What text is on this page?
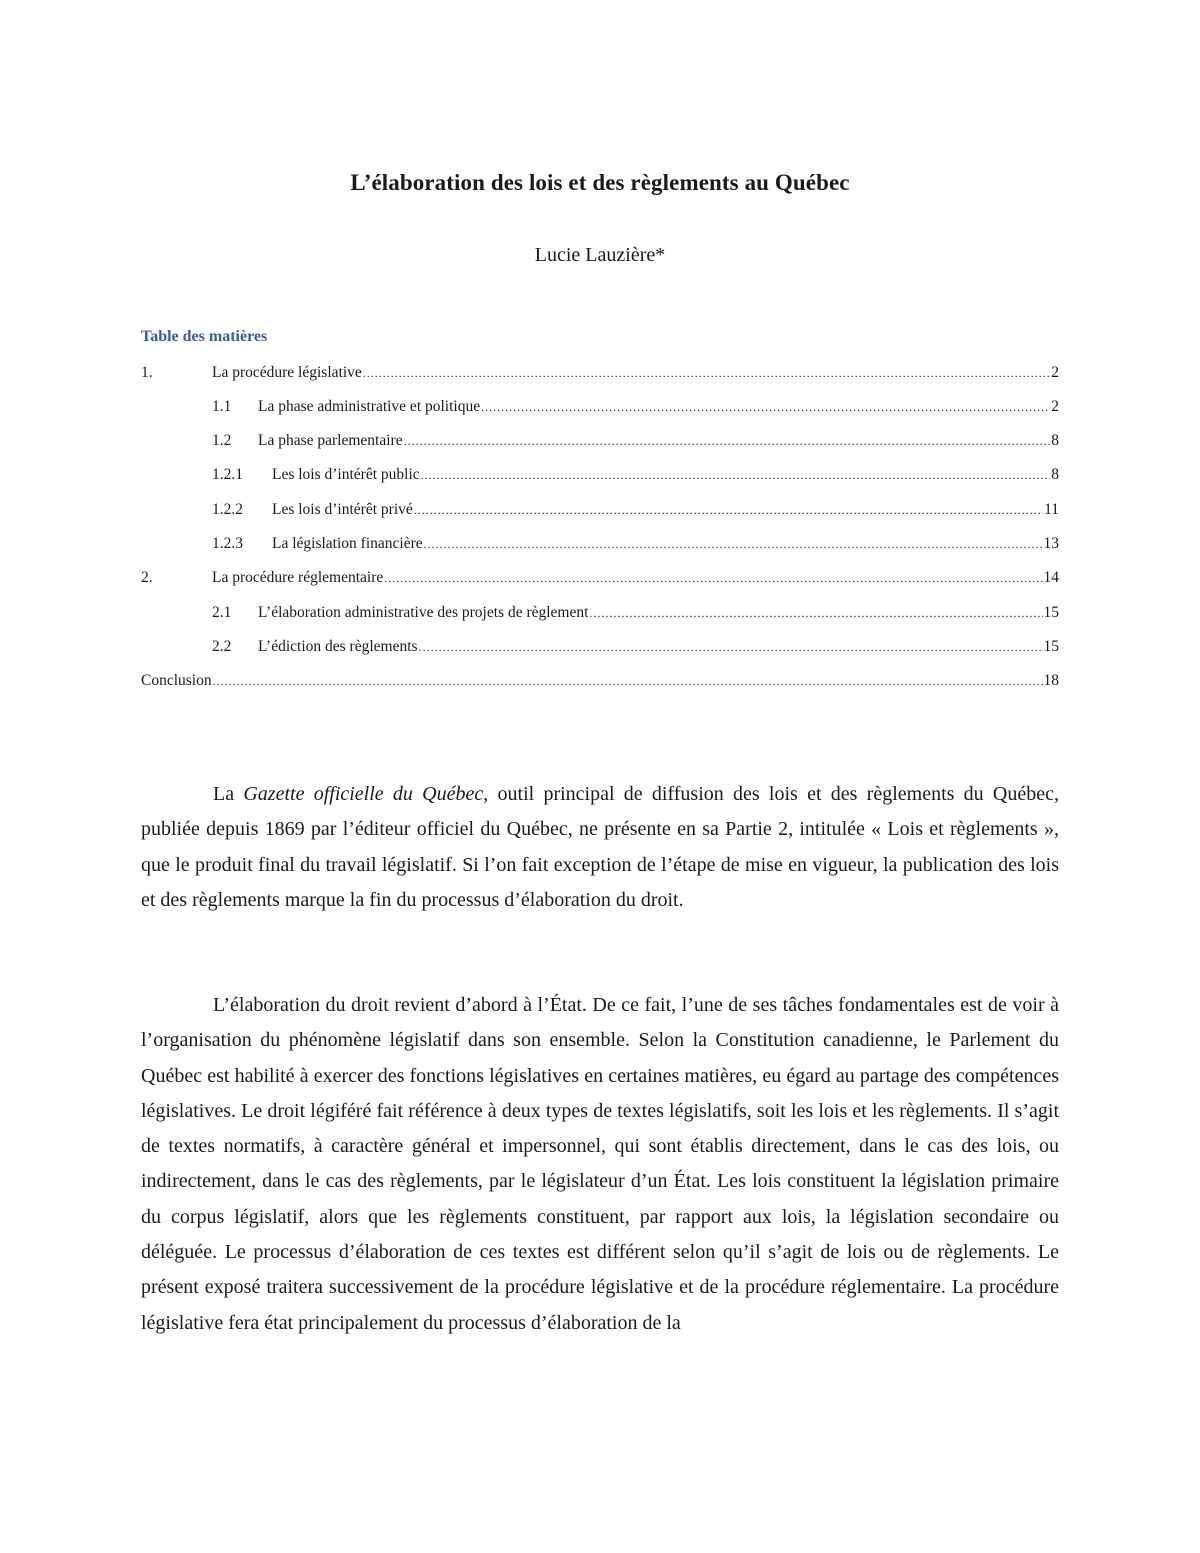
L’élaboration des lois et des règlements au Québec
Lucie Lauzière*
Table des matières
1.	La procédure législative .....	2
1.1	La phase administrative et politique .....	2
1.2	La phase parlementaire .....	8
1.2.1	Les lois d’intérêt public .....	8
1.2.2	Les lois d’intérêt privé .....	11
1.2.3	La législation financière .....	13
2.	La procédure réglementaire .....	14
2.1	L’élaboration administrative des projets de règlement .....	15
2.2	L’édiction des règlements .....	15
Conclusion .....	18

La Gazette officielle du Québec, outil principal de diffusion des lois et des règlements du Québec, publiée depuis 1869 par l’éditeur officiel du Québec, ne présente en sa Partie 2, intitulée « Lois et règlements », que le produit final du travail législatif. Si l’on fait exception de l’étape de mise en vigueur, la publication des lois et des règlements marque la fin du processus d’élaboration du droit.

L’élaboration du droit revient d’abord à l’État. De ce fait, l’une de ses tâches fondamentales est de voir à l’organisation du phénomène législatif dans son ensemble. Selon la Constitution canadienne, le Parlement du Québec est habilité à exercer des fonctions législatives en certaines matières, eu égard au partage des compétences législatives. Le droit légiféré fait référence à deux types de textes législatifs, soit les lois et les règlements. Il s’agit de textes normatifs, à caractère général et impersonnel, qui sont établis directement, dans le cas des lois, ou indirectement, dans le cas des règlements, par le législateur d’un État. Les lois constituent la législation primaire du corpus législatif, alors que les règlements constituent, par rapport aux lois, la législation secondaire ou déléguée. Le processus d’élaboration de ces textes est différent selon qu’il s’agit de lois ou de règlements. Le présent exposé traitera successivement de la procédure législative et de la procédure réglementaire. La procédure législative fera état principalement du processus d’élaboration de la
